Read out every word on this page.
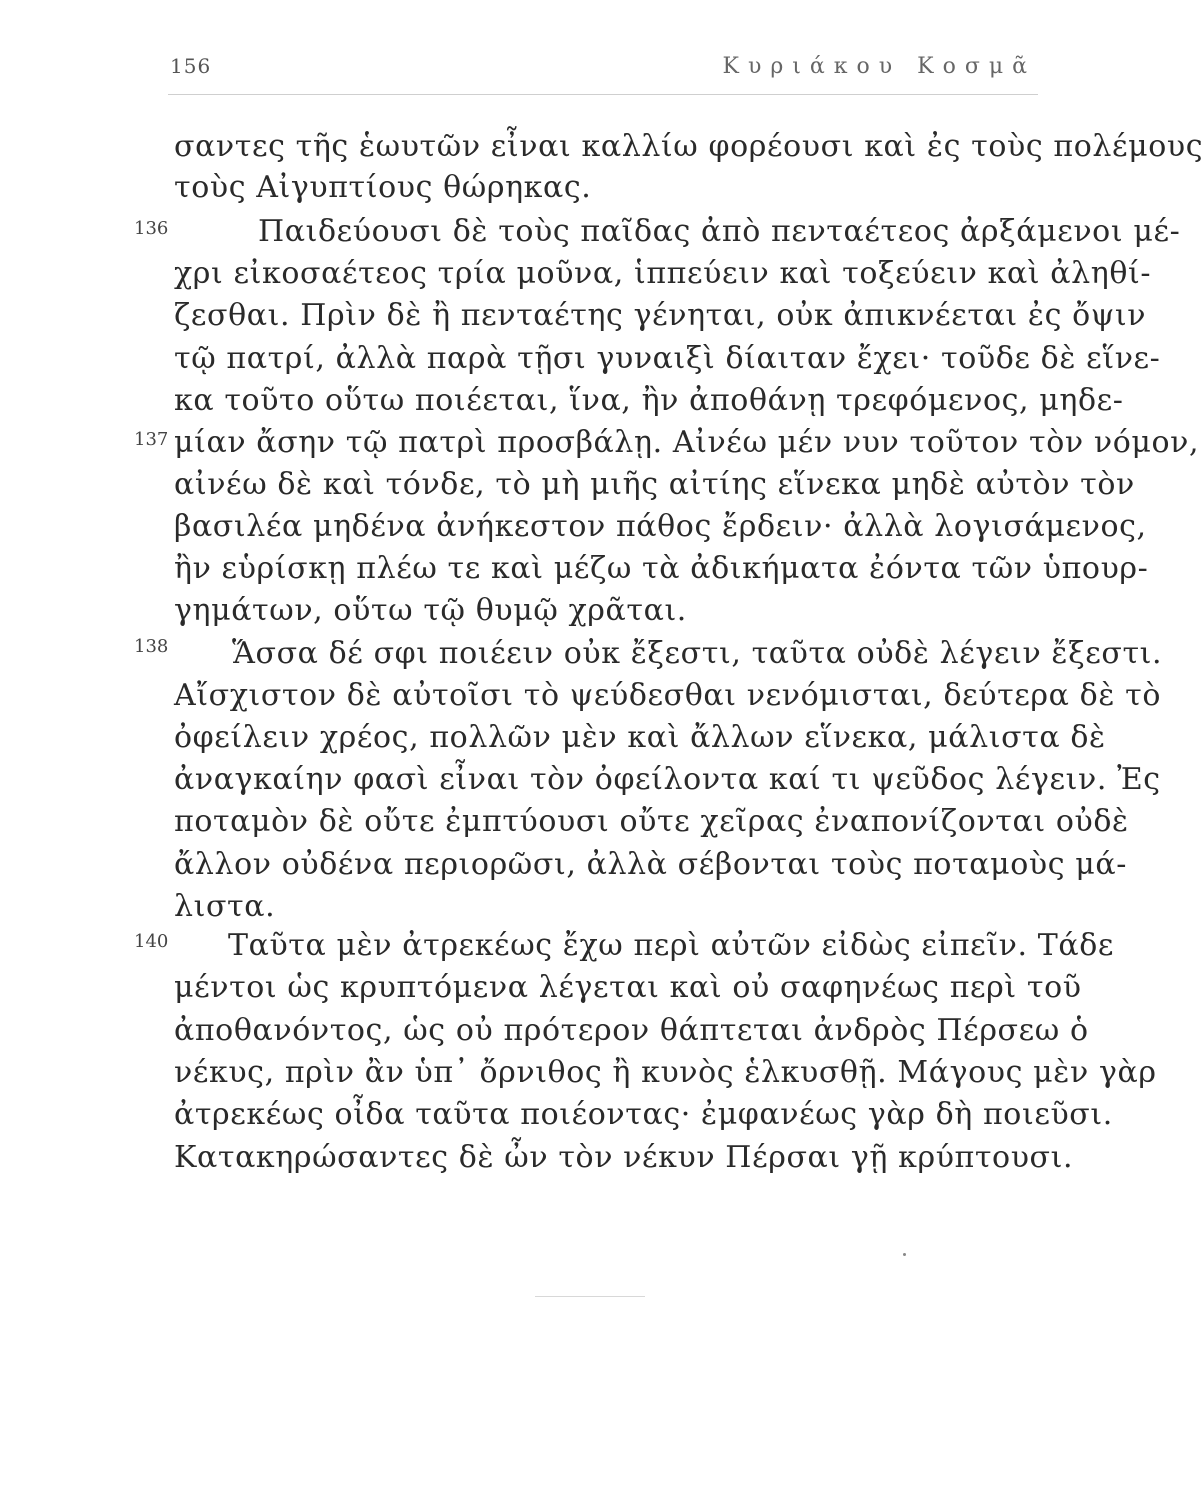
156	Κυριάκου Κοσμᾶ
136
137
138
140
σαντες τῆς ἑωυτῶν εἶναι καλλίω φορέουσι καὶ ἐς τοὺς πολέμους
τοὺς Αἰγυπτίους θώρηκας.
Παιδεύουσι δὲ τοὺς παῖδας ἀπὸ πενταέτεος ἀρξάμενοι μέ-
χρι εἰκοσαέτεος τρία μοῦνα, ἱππεύειν καὶ τοξεύειν καὶ ἀληθί-
ζεσθαι. Πρὶν δὲ ἢ πενταέτης γένηται, οὐκ ἀπικνέεται ἐς ὄψιν
τῷ πατρί, ἀλλὰ παρὰ τῇσι γυναιξὶ δίαιταν ἔχει· τοῦδε δὲ εἵνε-
κα τοῦτο οὕτω ποιέεται, ἵνα, ἢν ἀποθάνῃ τρεφόμενος, μηδε-
μίαν ἄσην τῷ πατρὶ προσβάλῃ. Αἰνέω μέν νυν τοῦτον τὸν νόμον,
αἰνέω δὲ καὶ τόνδε, τὸ μὴ μιῆς αἰτίης εἵνεκα μηδὲ αὐτὸν τὸν
βασιλέα μηδένα ἀνήκεστον πάθος ἔρδειν· ἀλλὰ λογισάμενος,
ἢν εὑρίσκῃ πλέω τε καὶ μέζω τὰ ἀδικήματα ἐόντα τῶν ὑπουρ-
γημάτων, οὕτω τῷ θυμῷ χρᾶται.
Ἅσσα δέ σφι ποιέειν οὐκ ἔξεστι, ταῦτα οὐδὲ λέγειν ἔξεστι.
Αἴσχιστον δὲ αὐτοῖσι τὸ ψεύδεσθαι νενόμισται, δεύτερα δὲ τὸ
ὀφείλειν χρέος, πολλῶν μὲν καὶ ἄλλων εἵνεκα, μάλιστα δὲ
ἀναγκαίην φασὶ εἶναι τὸν ὀφείλοντα καί τι ψεῦδος λέγειν. Ἐς
ποταμὸν δὲ οὔτε ἐμπτύουσι οὔτε χεῖρας ἐναπονίζονται οὐδὲ
ἄλλον οὐδένα περιορῶσι, ἀλλὰ σέβονται τοὺς ποταμοὺς μά-
λιστα.
Ταῦτα μὲν ἀτρεκέως ἔχω περὶ αὐτῶν εἰδὼς εἰπεῖν. Τάδε
μέντοι ὡς κρυπτόμενα λέγεται καὶ οὐ σαφηνέως περὶ τοῦ
ἀποθανόντος, ὡς οὐ πρότερον θάπτεται ἀνδρὸς Πέρσεω ὁ
νέκυς, πρὶν ἂν ὑπ᾽ ὄρνιθος ἢ κυνὸς ἑλκυσθῇ. Μάγους μὲν γὰρ
ἀτρεκέως οἶδα ταῦτα ποιέοντας· ἐμφανέως γὰρ δὴ ποιεῦσι.
Κατακηρώσαντες δὲ ὦν τὸν νέκυν Πέρσαι γῇ κρύπτουσι.
